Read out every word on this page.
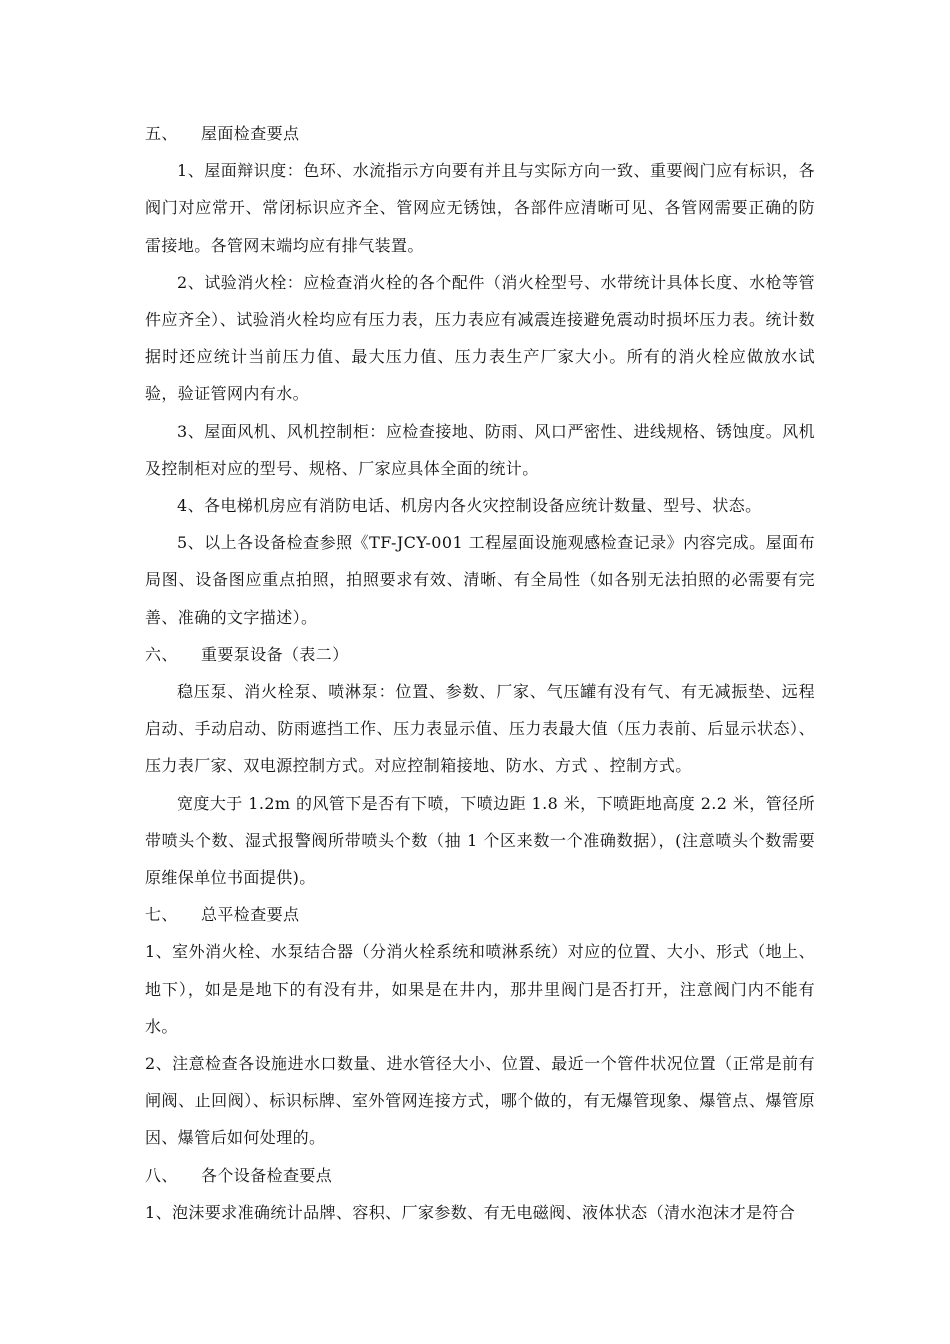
五、 屋面检查要点

1、屋面辩识度：色环、水流指示方向要有并且与实际方向一致、重要阀门应有标识，各阀门对应常开、常闭标识应齐全、管网应无锈蚀，各部件应清晰可见、各管网需要正确的防雷接地。各管网末端均应有排气装置。

2、试验消火栓：应检查消火栓的各个配件（消火栓型号、水带统计具体长度、水枪等管件应齐全）、试验消火栓均应有压力表，压力表应有减震连接避免震动时损坏压力表。统计数据时还应统计当前压力值、最大压力值、压力表生产厂家大小。所有的消火栓应做放水试验，验证管网内有水。

3、屋面风机、风机控制柜：应检查接地、防雨、风口严密性、进线规格、锈蚀度。风机及控制柜对应的型号、规格、厂家应具体全面的统计。

4、各电梯机房应有消防电话、机房内各火灾控制设备应统计数量、型号、状态。

5、以上各设备检查参照《TF-JCY-001 工程屋面设施观感检查记录》内容完成。屋面布局图、设备图应重点拍照，拍照要求有效、清晰、有全局性（如各别无法拍照的必需要有完善、准确的文字描述）。

六、 重要泵设备（表二）

稳压泵、消火栓泵、喷淋泵：位置、参数、厂家、气压罐有没有气、有无减振垫、远程启动、手动启动、防雨遮挡工作、压力表显示值、压力表最大值（压力表前、后显示状态）、压力表厂家、双电源控制方式。对应控制箱接地、防水、方式 、控制方式。

宽度大于 1.2m 的风管下是否有下喷，下喷边距 1.8 米，下喷距地高度 2.2 米，管径所带喷头个数、湿式报警阀所带喷头个数（抽 1 个区来数一个准确数据），(注意喷头个数需要原维保单位书面提供)。

七、 总平检查要点

1、室外消火栓、水泵结合器（分消火栓系统和喷淋系统）对应的位置、大小、形式（地上、地下），如是是地下的有没有井，如果是在井内，那井里阀门是否打开，注意阀门内不能有水。

2、注意检查各设施进水口数量、进水管径大小、位置、最近一个管件状况位置（正常是前有闸阀、止回阀）、标识标牌、室外管网连接方式，哪个做的，有无爆管现象、爆管点、爆管原因、爆管后如何处理的。

八、 各个设备检查要点

1、泡沫要求准确统计品牌、容积、厂家参数、有无电磁阀、液体状态（清水泡沫才是符合
